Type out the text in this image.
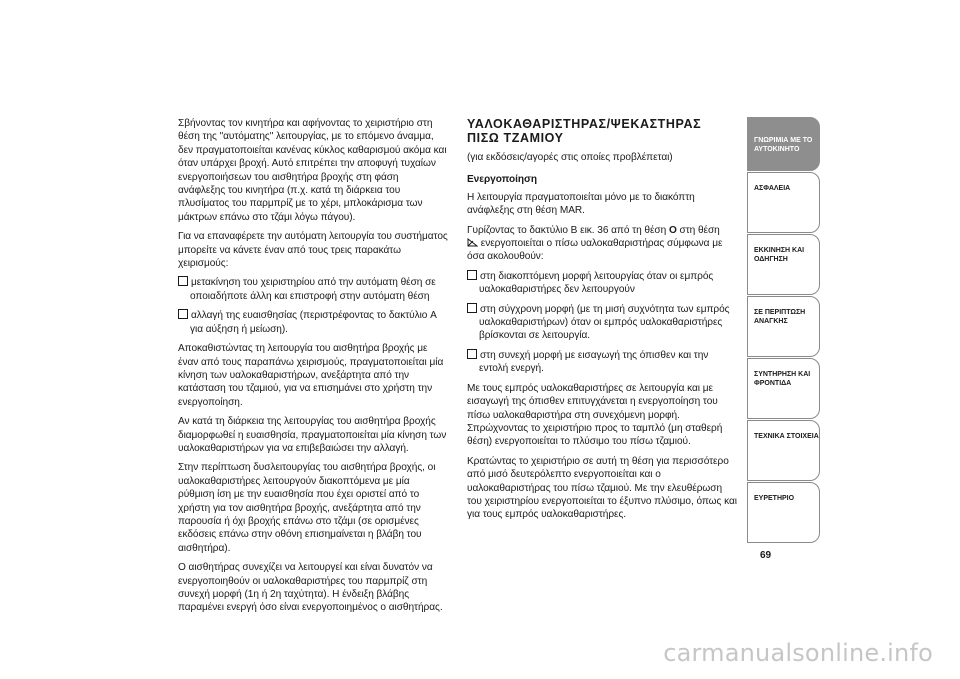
Σβήνοντας τον κινητήρα και αφήνοντας το χειριστήριο στη θέση της "αυτόματης" λειτουργίας, με το επόμενο άναμμα, δεν πραγματοποιείται κανένας κύκλος καθαρισμού ακόμα και όταν υπάρχει βροχή. Αυτό επιτρέπει την αποφυγή τυχαίων ενεργοποιήσεων του αισθητήρα βροχής στη φάση ανάφλεξης του κινητήρα (π.χ. κατά τη διάρκεια του πλυσίματος του παρμπρίζ με το χέρι, μπλοκάρισμα των μάκτρων επάνω στο τζάμι λόγω πάγου).

Για να επαναφέρετε την αυτόματη λειτουργία του συστήματος μπορείτε να κάνετε έναν από τους τρεις παρακάτω χειρισμούς:

μετακίνηση του χειριστηρίου από την αυτόματη θέση σε οποιαδήποτε άλλη και επιστροφή στην αυτόματη θέση
αλλαγή της ευαισθησίας (περιστρέφοντας το δακτύλιο A για αύξηση ή μείωση).

Αποκαθιστώντας τη λειτουργία του αισθητήρα βροχής με έναν από τους παραπάνω χειρισμούς, πραγματοποιείται μία κίνηση των υαλοκαθαριστήρων, ανεξάρτητα από την κατάσταση του τζαμιού, για να επισημάνει στο χρήστη την ενεργοποίηση.

Αν κατά τη διάρκεια της λειτουργίας του αισθητήρα βροχής διαμορφωθεί η ευαισθησία, πραγματοποιείται μία κίνηση των υαλοκαθαριστήρων για να επιβεβαιώσει την αλλαγή.

Στην περίπτωση δυσλειτουργίας του αισθητήρα βροχής, οι υαλοκαθαριστήρες λειτουργούν διακοπτόμενα με μία ρύθμιση ίση με την ευαισθησία που έχει οριστεί από το χρήστη για τον αισθητήρα βροχής, ανεξάρτητα από την παρουσία ή όχι βροχής επάνω στο τζάμι (σε ορισμένες εκδόσεις επάνω στην οθόνη επισημαίνεται η βλάβη του αισθητήρα).

Ο αισθητήρας συνεχίζει να λειτουργεί και είναι δυνατόν να ενεργοποιηθούν οι υαλοκαθαριστήρες του παρμπρίζ στη συνεχή μορφή (1η ή 2η ταχύτητα). Η ένδειξη βλάβης παραμένει ενεργή όσο είναι ενεργοποιημένος ο αισθητήρας.

ΥΑΛΟΚΑΘΑΡΙΣΤΗΡΑΣ/ΨΕΚΑΣΤΗΡΑΣ ΠΙΣΩ ΤΖΑΜΙΟΥ

(για εκδόσεις/αγορές στις οποίες προβλέπεται)

Ενεργοποίηση

Η λειτουργία πραγματοποιείται μόνο με το διακόπτη ανάφλεξης στη θέση MAR.

Γυρίζοντας το δακτύλιο B εικ. 36 από τη θέση O στη θέση
ενεργοποιείται ο πίσω υαλοκαθαριστήρας σύμφωνα με όσα ακολουθούν:

στη διακοπτόμενη μορφή λειτουργίας όταν οι εμπρός υαλοκαθαριστήρες δεν λειτουργούν
στη σύγχρονη μορφή (με τη μισή συχνότητα των εμπρός υαλοκαθαριστήρων) όταν οι εμπρός υαλοκαθαριστήρες βρίσκονται σε λειτουργία.
στη συνεχή μορφή με εισαγωγή της όπισθεν και την εντολή ενεργή.

Με τους εμπρός υαλοκαθαριστήρες σε λειτουργία και με εισαγωγή της όπισθεν επιτυγχάνεται η ενεργοποίηση του πίσω υαλοκαθαριστήρα στη συνεχόμενη μορφή. Σπρώχνοντας το χειριστήριο προς το ταμπλό (μη σταθερή θέση) ενεργοποιείται το πλύσιμο του πίσω τζαμιού.

Κρατώντας το χειριστήριο σε αυτή τη θέση για περισσότερο από μισό δευτερόλεπτο ενεργοποιείται και ο υαλοκαθαριστήρας του πίσω τζαμιού. Με την ελευθέρωση του χειριστηρίου ενεργοποιείται το έξυπνο πλύσιμο, όπως και για τους εμπρός υαλοκαθαριστήρες.

ΓΝΩΡΙΜΙΑ ΜΕ ΤΟ ΑΥΤΟΚΙΝΗΤΟ
ΑΣΦΑΛΕΙΑ
ΕΚΚΙΝΗΣΗ ΚΑΙ ΟΔΗΓΗΣΗ
ΣΕ ΠΕΡΙΠΤΩΣΗ ΑΝΑΓΚΗΣ
ΣΥΝΤΗΡΗΣΗ ΚΑΙ ΦΡΟΝΤΙΔΑ
ΤΕΧΝΙΚΑ ΣΤΟΙΧΕΙΑ
ΕΥΡΕΤΗΡΙΟ
69
carmanualsonline.info
